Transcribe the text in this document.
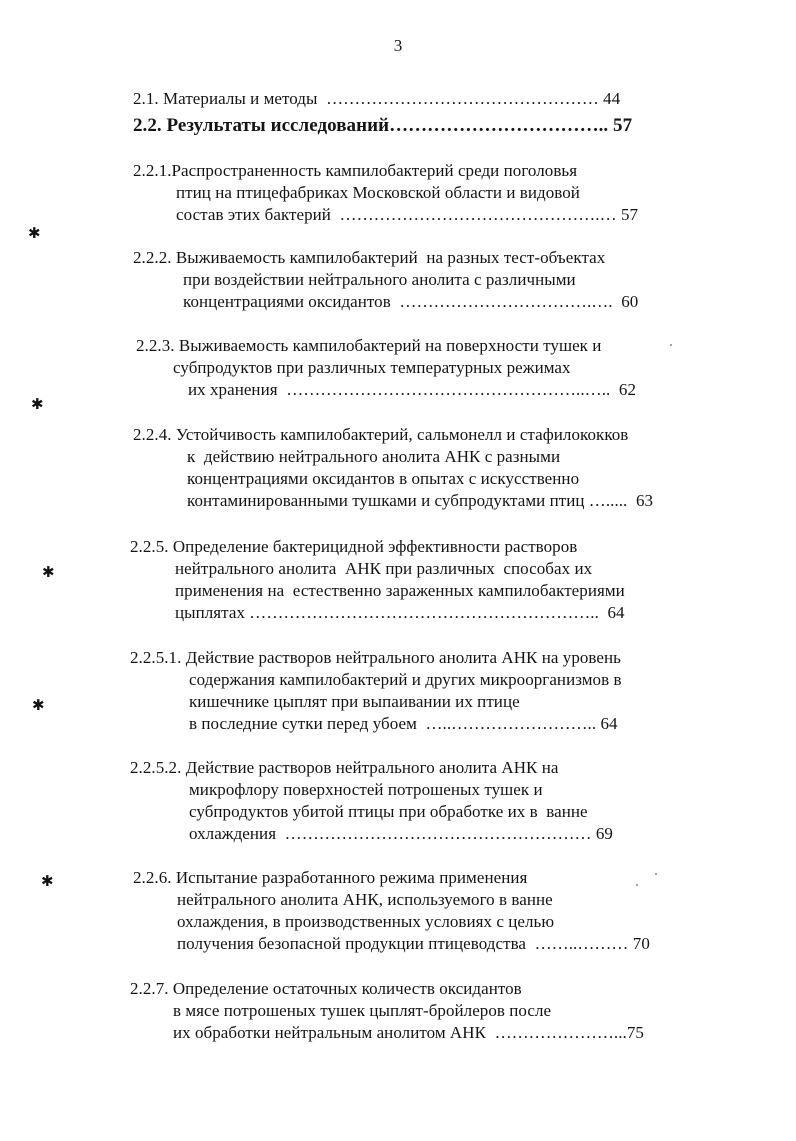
3
2.1. Материалы и методы  ………………………………………… 44
2.2. Результаты исследований…………………………….. 57
2.2.1.Распространенность кампилобактерий среди поголовья
птиц на птицефабриках Московской области и видовой
состав этих бактерий  ……………………………………….… 57
2.2.2. Выживаемость кампилобактерий  на разных тест-объектах
при воздействии нейтрального анолита с различными
концентрациями оксидантов  …………………………….….  60
2.2.3. Выживаемость кампилобактерий на поверхности тушек и
субпродуктов при различных температурных режимах
их хранения  ……………………………………………..…..  62
2.2.4. Устойчивость кампилобактерий, сальмонелл и стафилококков
к  действию нейтрального анолита АНК с разными
концентрациями оксидантов в опытах с искусственно
контаминированными тушками и субпродуктами птиц ….....  63
2.2.5. Определение бактерицидной эффективности растворов
нейтрального анолита  АНК при различных  способах их
применения на  естественно зараженных кампилобактериями
цыплятах ……………………………………………………..  64
2.2.5.1. Действие растворов нейтрального анолита АНК на уровень
содержания кампилобактерий и других микроорганизмов в
кишечнике цыплят при выпаивании их птице
в последние сутки перед убоем  …..…………………….. 64
2.2.5.2. Действие растворов нейтрального анолита АНК на
микрофлору поверхностей потрошеных тушек и
субпродуктов убитой птицы при обработке их в  ванне
охлаждения  ……………………………………………… 69
2.2.6. Испытание разработанного режима применения
нейтрального анолита АНК, используемого в ванне
охлаждения, в производственных условиях с целью
получения безопасной продукции птицеводства  ……..……… 70
2.2.7. Определение остаточных количеств оксидантов
в мясе потрошеных тушек цыплят-бройлеров после
их обработки нейтральным анолитом АНК  …………………...75
✱
✱
✱
✱
✱
